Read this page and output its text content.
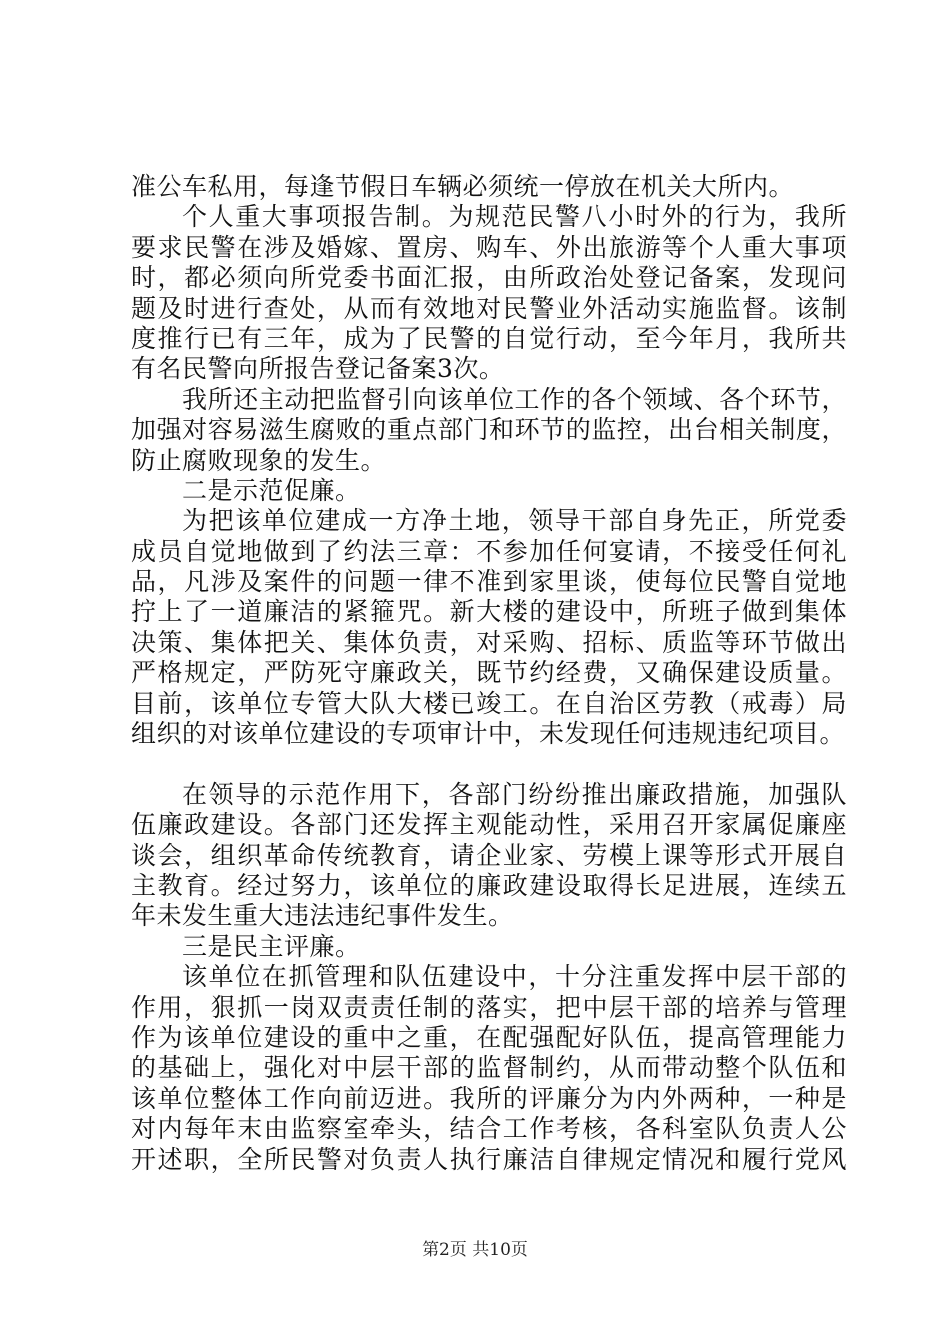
准公车私用，每逢节假日车辆必须统一停放在机关大所内。
个人重大事项报告制。为规范民警八小时外的行为，我所
要求民警在涉及婚嫁、置房、购车、外出旅游等个人重大事项
时，都必须向所党委书面汇报，由所政治处登记备案，发现问
题及时进行查处，从而有效地对民警业外活动实施监督。该制
度推行已有三年，成为了民警的自觉行动，至今年月，我所共
有名民警向所报告登记备案3次。
我所还主动把监督引向该单位工作的各个领域、各个环节，
加强对容易滋生腐败的重点部门和环节的监控，出台相关制度，
防止腐败现象的发生。
二是示范促廉。
为把该单位建成一方净土地，领导干部自身先正，所党委
成员自觉地做到了约法三章：不参加任何宴请，不接受任何礼
品，凡涉及案件的问题一律不准到家里谈，使每位民警自觉地
拧上了一道廉洁的紧箍咒。新大楼的建设中，所班子做到集体
决策、集体把关、集体负责，对采购、招标、质监等环节做出
严格规定，严防死守廉政关，既节约经费，又确保建设质量。
目前，该单位专管大队大楼已竣工。在自治区劳教（戒毒）局
组织的对该单位建设的专项审计中，未发现任何违规违纪项目。
在领导的示范作用下，各部门纷纷推出廉政措施，加强队
伍廉政建设。各部门还发挥主观能动性，采用召开家属促廉座
谈会，组织革命传统教育，请企业家、劳模上课等形式开展自
主教育。经过努力，该单位的廉政建设取得长足进展，连续五
年未发生重大违法违纪事件发生。
三是民主评廉。
该单位在抓管理和队伍建设中，十分注重发挥中层干部的
作用，狠抓一岗双责责任制的落实，把中层干部的培养与管理
作为该单位建设的重中之重，在配强配好队伍，提高管理能力
的基础上，强化对中层干部的监督制约，从而带动整个队伍和
该单位整体工作向前迈进。我所的评廉分为内外两种，一种是
对内每年末由监察室牵头，结合工作考核，各科室队负责人公
开述职，全所民警对负责人执行廉洁自律规定情况和履行党风
第2页 共10页
